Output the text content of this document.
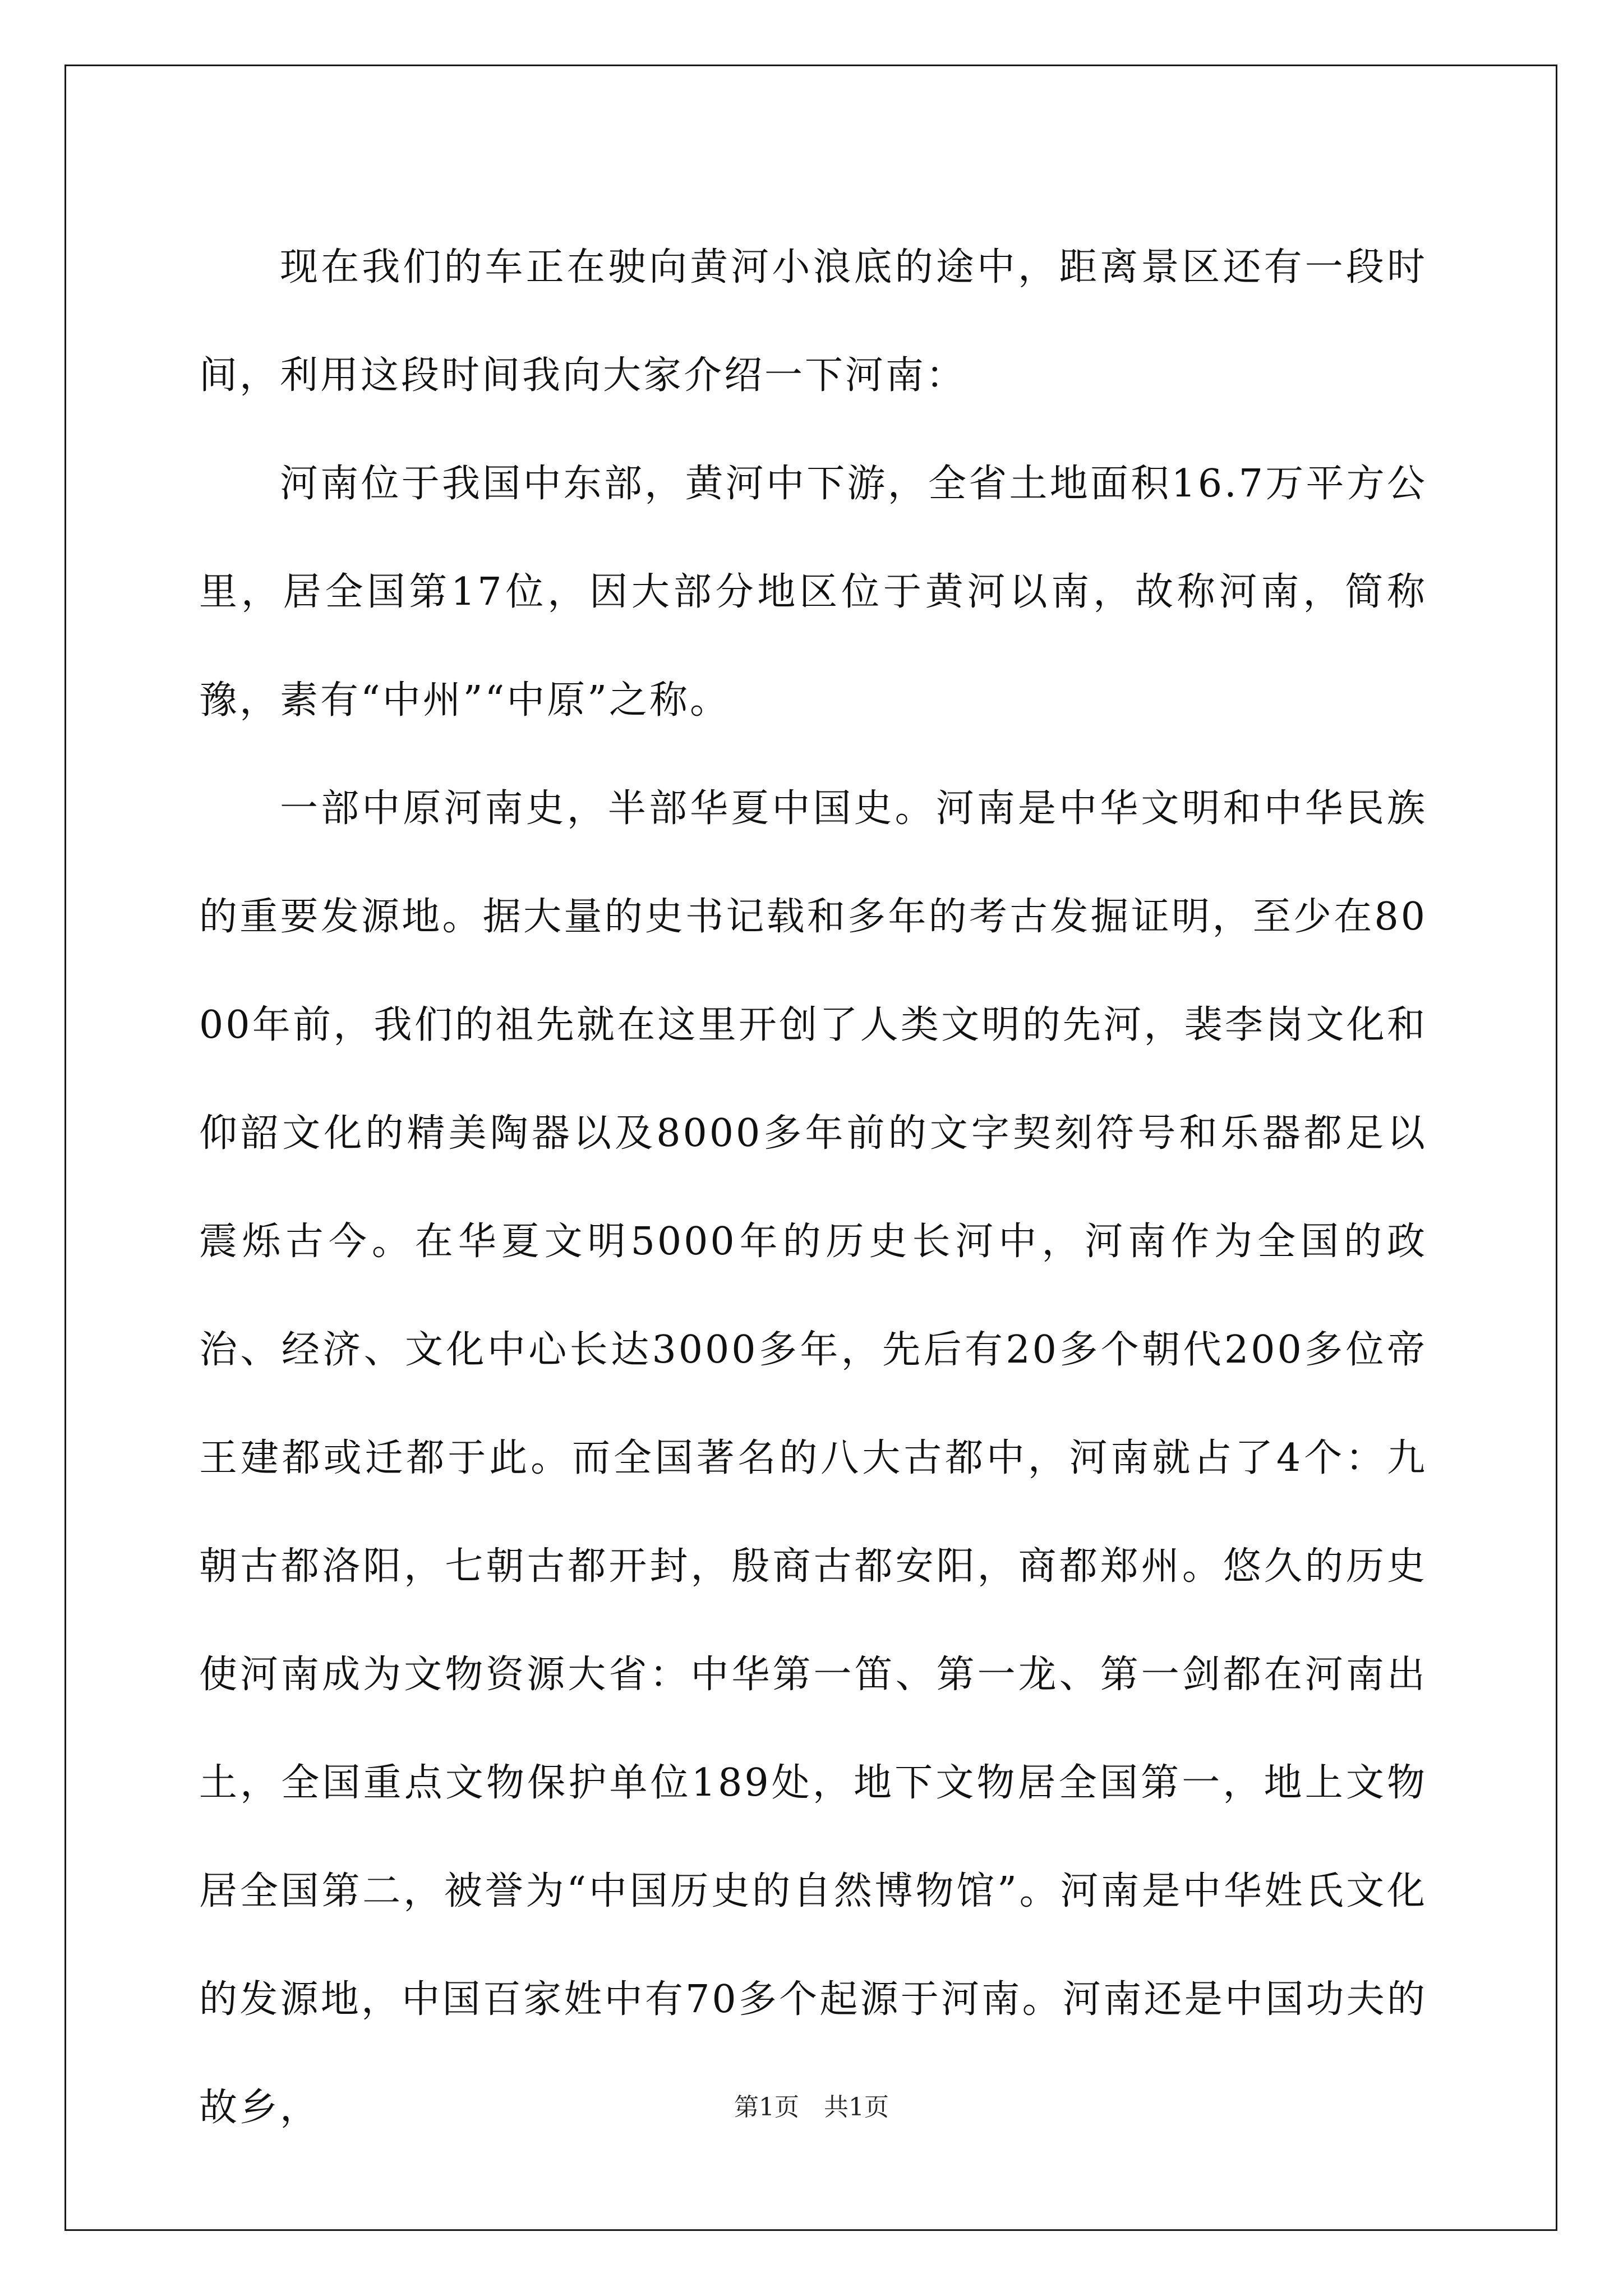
现在我们的车正在驶向黄河小浪底的途中，距离景区还有一段时间，利用这段时间我向大家介绍一下河南：

河南位于我国中东部，黄河中下游，全省土地面积16.7万平方公里，居全国第17位，因大部分地区位于黄河以南，故称河南，简称豫，素有“中州”“中原”之称。

一部中原河南史，半部华夏中国史。河南是中华文明和中华民族的重要发源地。据大量的史书记载和多年的考古发掘证明，至少在8000年前，我们的祖先就在这里开创了人类文明的先河，裴李岗文化和仰韶文化的精美陶器以及8000多年前的文字契刻符号和乐器都足以震烁古今。在华夏文明5000年的历史长河中，河南作为全国的政治、经济、文化中心长达3000多年，先后有20多个朝代200多位帝王建都或迁都于此。而全国著名的八大古都中，河南就占了4个：九朝古都洛阳，七朝古都开封，殷商古都安阳，商都郑州。悠久的历史使河南成为文物资源大省：中华第一笛、第一龙、第一剑都在河南出土，全国重点文物保护单位189处，地下文物居全国第一，地上文物居全国第二，被誉为“中国历史的自然博物馆”。河南是中华姓氏文化的发源地，中国百家姓中有70多个起源于河南。河南还是中国功夫的故乡，	第1页 共1页
